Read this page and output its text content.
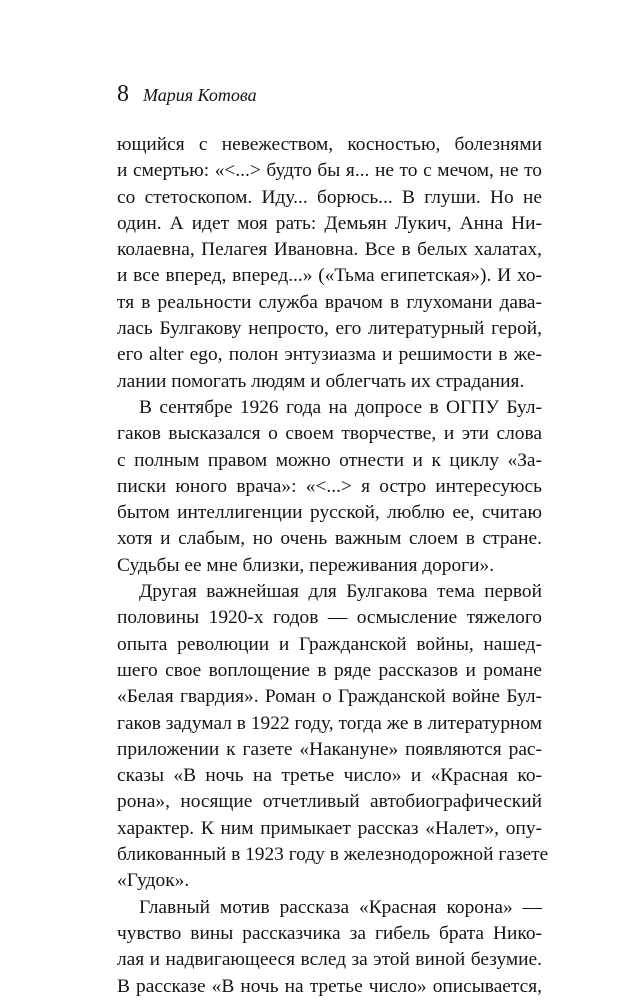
8 Мария Котова
ющийся с невежеством, косностью, болезнями
и смертью: «<...> будто бы я... не то с мечом, не то
со стетоскопом. Иду... борюсь... В глуши. Но не
один. А идет моя рать: Демьян Лукич, Анна Ни-
колаевна, Пелагея Ивановна. Все в белых халатах,
и все вперед, вперед...» («Тьма египетская»). И хо-
тя в реальности служба врачом в глухомани дава-
лась Булгакову непросто, его литературный герой,
его alter ego, полон энтузиазма и решимости в же-
лании помогать людям и облегчать их страдания.
В сентябре 1926 года на допросе в ОГПУ Бул-
гаков высказался о своем творчестве, и эти слова
с полным правом можно отнести и к циклу «За-
писки юного врача»: «<...> я остро интересуюсь
бытом интеллигенции русской, люблю ее, считаю
хотя и слабым, но очень важным слоем в стране.
Судьбы ее мне близки, переживания дороги».
Другая важнейшая для Булгакова тема первой
половины 1920-х годов — осмысление тяжелого
опыта революции и Гражданской войны, нашед-
шего свое воплощение в ряде рассказов и романе
«Белая гвардия». Роман о Гражданской войне Бул-
гаков задумал в 1922 году, тогда же в литературном
приложении к газете «Накануне» появляются рас-
сказы «В ночь на третье число» и «Красная ко-
рона», носящие отчетливый автобиографический
характер. К ним примыкает рассказ «Налет», опу-
бликованный в 1923 году в железнодорожной газете
«Гудок».
Главный мотив рассказа «Красная корона» —
чувство вины рассказчика за гибель брата Нико-
лая и надвигающееся вслед за этой виной безумие.
В рассказе «В ночь на третье число» описывается,
